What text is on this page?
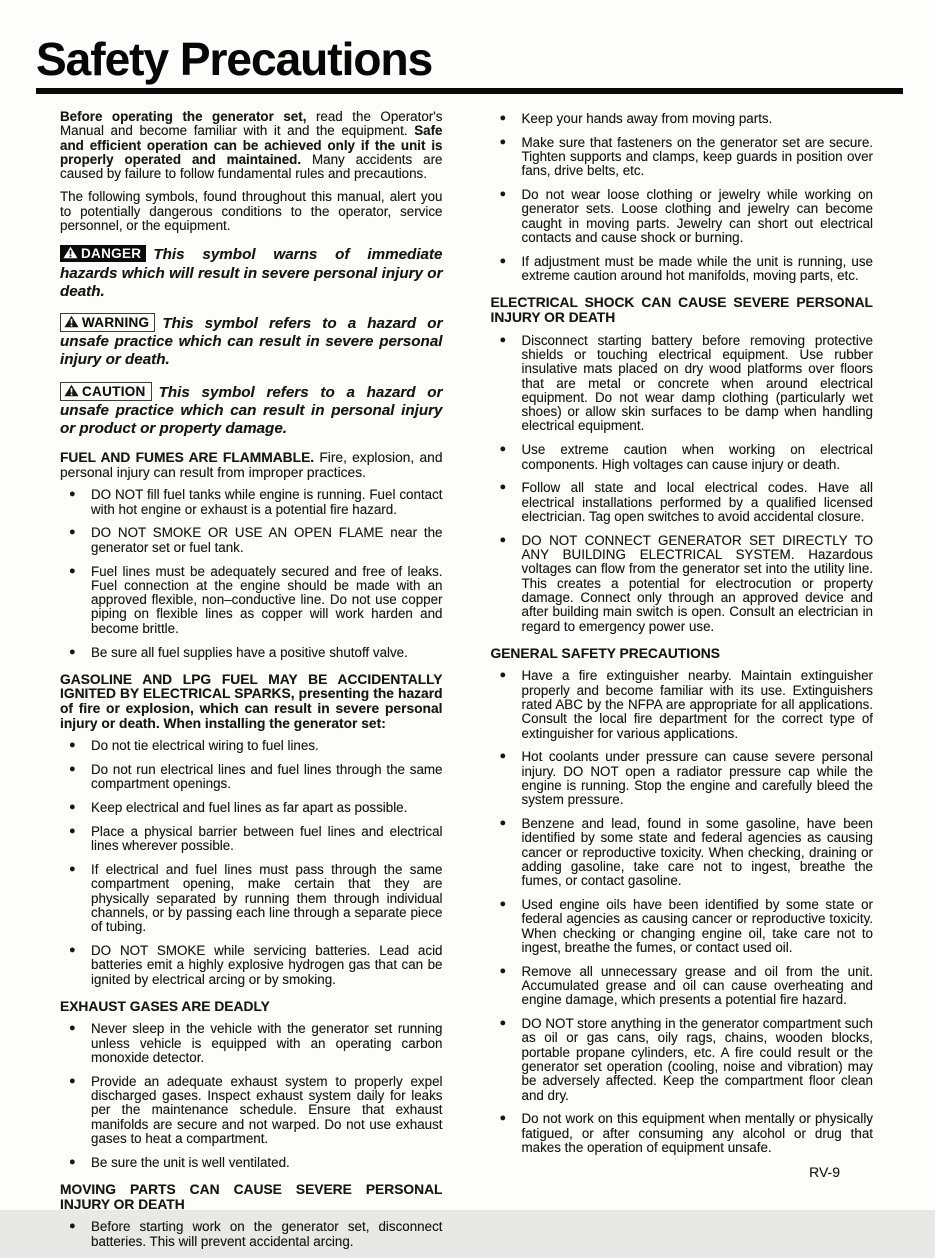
Safety Precautions

Before operating the generator set, read the Operator's Manual and become familiar with it and the equipment. Safe and efficient operation can be achieved only if the unit is properly operated and maintained. Many accidents are caused by failure to follow fundamental rules and precautions.

The following symbols, found throughout this manual, alert you to potentially dangerous conditions to the operator, service personnel, or the equipment.

DANGER This symbol warns of immediate hazards which will result in severe personal injury or death.

WARNING This symbol refers to a hazard or unsafe practice which can result in severe personal injury or death.

CAUTION This symbol refers to a hazard or unsafe practice which can result in personal injury or product or property damage.

FUEL AND FUMES ARE FLAMMABLE. Fire, explosion, and personal injury can result from improper practices.

● DO NOT fill fuel tanks while engine is running. Fuel contact with hot engine or exhaust is a potential fire hazard.
● DO NOT SMOKE OR USE AN OPEN FLAME near the generator set or fuel tank.
● Fuel lines must be adequately secured and free of leaks. Fuel connection at the engine should be made with an approved flexible, non–conductive line. Do not use copper piping on flexible lines as copper will work harden and become brittle.
● Be sure all fuel supplies have a positive shutoff valve.

GASOLINE AND LPG FUEL MAY BE ACCIDENTALLY IGNITED BY ELECTRICAL SPARKS, presenting the hazard of fire or explosion, which can result in severe personal injury or death. When installing the generator set:

● Do not tie electrical wiring to fuel lines.
● Do not run electrical lines and fuel lines through the same compartment openings.
● Keep electrical and fuel lines as far apart as possible.
● Place a physical barrier between fuel lines and electrical lines wherever possible.
● If electrical and fuel lines must pass through the same compartment opening, make certain that they are physically separated by running them through individual channels, or by passing each line through a separate piece of tubing.
● DO NOT SMOKE while servicing batteries. Lead acid batteries emit a highly explosive hydrogen gas that can be ignited by electrical arcing or by smoking.

EXHAUST GASES ARE DEADLY

● Never sleep in the vehicle with the generator set running unless vehicle is equipped with an operating carbon monoxide detector.
● Provide an adequate exhaust system to properly expel discharged gases. Inspect exhaust system daily for leaks per the maintenance schedule. Ensure that exhaust manifolds are secure and not warped. Do not use exhaust gases to heat a compartment.
● Be sure the unit is well ventilated.

MOVING PARTS CAN CAUSE SEVERE PERSONAL INJURY OR DEATH

● Before starting work on the generator set, disconnect batteries. This will prevent accidental arcing.
● Keep your hands away from moving parts.
● Make sure that fasteners on the generator set are secure. Tighten supports and clamps, keep guards in position over fans, drive belts, etc.
● Do not wear loose clothing or jewelry while working on generator sets. Loose clothing and jewelry can become caught in moving parts. Jewelry can short out electrical contacts and cause shock or burning.
● If adjustment must be made while the unit is running, use extreme caution around hot manifolds, moving parts, etc.

ELECTRICAL SHOCK CAN CAUSE SEVERE PERSONAL INJURY OR DEATH

● Disconnect starting battery before removing protective shields or touching electrical equipment. Use rubber insulative mats placed on dry wood platforms over floors that are metal or concrete when around electrical equipment. Do not wear damp clothing (particularly wet shoes) or allow skin surfaces to be damp when handling electrical equipment.
● Use extreme caution when working on electrical components. High voltages can cause injury or death.
● Follow all state and local electrical codes. Have all electrical installations performed by a qualified licensed electrician. Tag open switches to avoid accidental closure.
● DO NOT CONNECT GENERATOR SET DIRECTLY TO ANY BUILDING ELECTRICAL SYSTEM. Hazardous voltages can flow from the generator set into the utility line. This creates a potential for electrocution or property damage. Connect only through an approved device and after building main switch is open. Consult an electrician in regard to emergency power use.

GENERAL SAFETY PRECAUTIONS

● Have a fire extinguisher nearby. Maintain extinguisher properly and become familiar with its use. Extinguishers rated ABC by the NFPA are appropriate for all applications. Consult the local fire department for the correct type of extinguisher for various applications.
● Hot coolants under pressure can cause severe personal injury. DO NOT open a radiator pressure cap while the engine is running. Stop the engine and carefully bleed the system pressure.
● Benzene and lead, found in some gasoline, have been identified by some state and federal agencies as causing cancer or reproductive toxicity. When checking, draining or adding gasoline, take care not to ingest, breathe the fumes, or contact gasoline.
● Used engine oils have been identified by some state or federal agencies as causing cancer or reproductive toxicity. When checking or changing engine oil, take care not to ingest, breathe the fumes, or contact used oil.
● Remove all unnecessary grease and oil from the unit. Accumulated grease and oil can cause overheating and engine damage, which presents a potential fire hazard.
● DO NOT store anything in the generator compartment such as oil or gas cans, oily rags, chains, wooden blocks, portable propane cylinders, etc. A fire could result or the generator set operation (cooling, noise and vibration) may be adversely affected. Keep the compartment floor clean and dry.
● Do not work on this equipment when mentally or physically fatigued, or after consuming any alcohol or drug that makes the operation of equipment unsafe.
RV-9
